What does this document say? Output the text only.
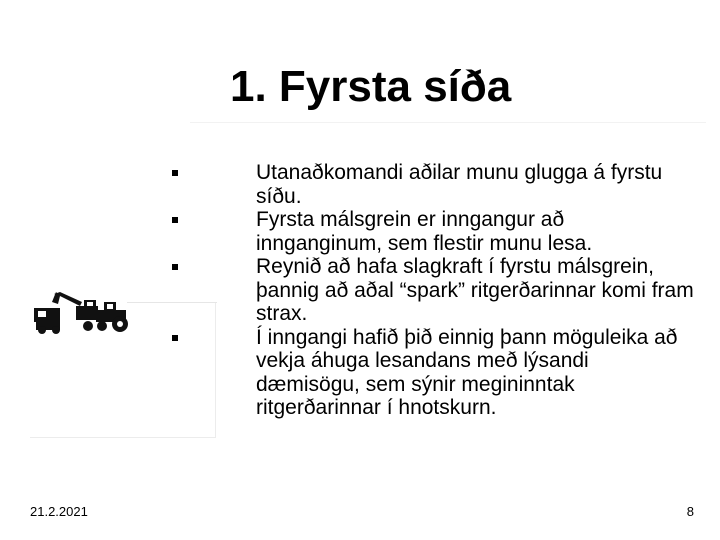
1. Fyrsta síða
Utanaðkomandi aðilar munu glugga á fyrstu síðu.
Fyrsta málsgrein er inngangur að innganginum, sem flestir munu lesa.
Reynið að hafa slagkraft í fyrstu málsgrein, þannig að aðal “spark” ritgerðarinnar komi fram strax.
Í inngangi hafið þið einnig þann möguleika að vekja áhuga lesandans með lýsandi dæmisögu, sem sýnir megininntak ritgerðarinnar í hnotskurn.
21.2.2021	8
